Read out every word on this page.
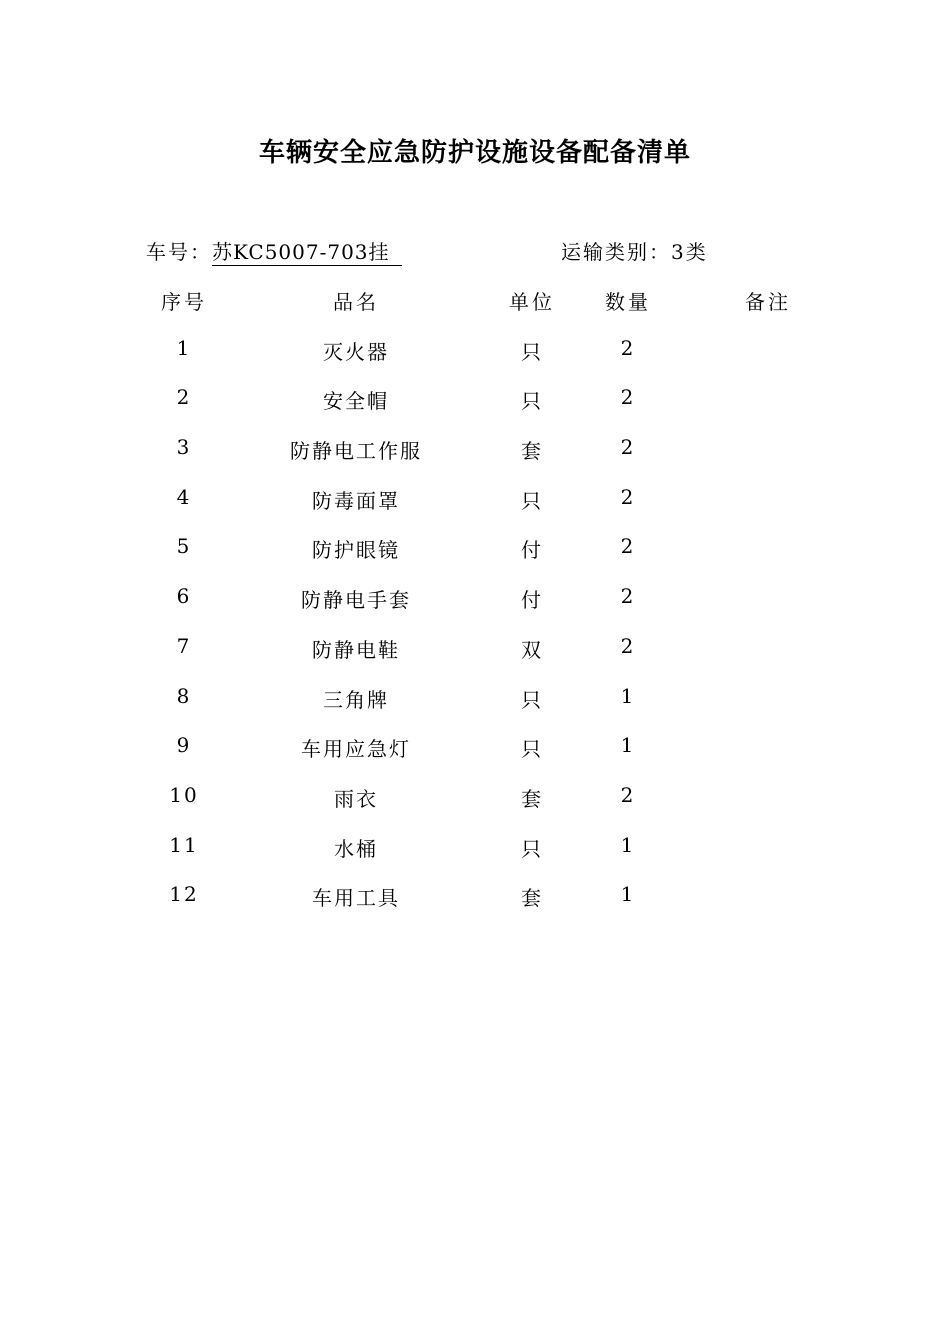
车辆安全应急防护设施设备配备清单
车号：苏KC5007-703挂	运输类别：3类
序号	品名	单位	数量	备注
1	灭火器	只	2
2	安全帽	只	2
3	防静电工作服	套	2
4	防毒面罩	只	2
5	防护眼镜	付	2
6	防静电手套	付	2
7	防静电鞋	双	2
8	三角牌	只	1
9	车用应急灯	只	1
10	雨衣	套	2
11	水桶	只	1
12	车用工具	套	1
